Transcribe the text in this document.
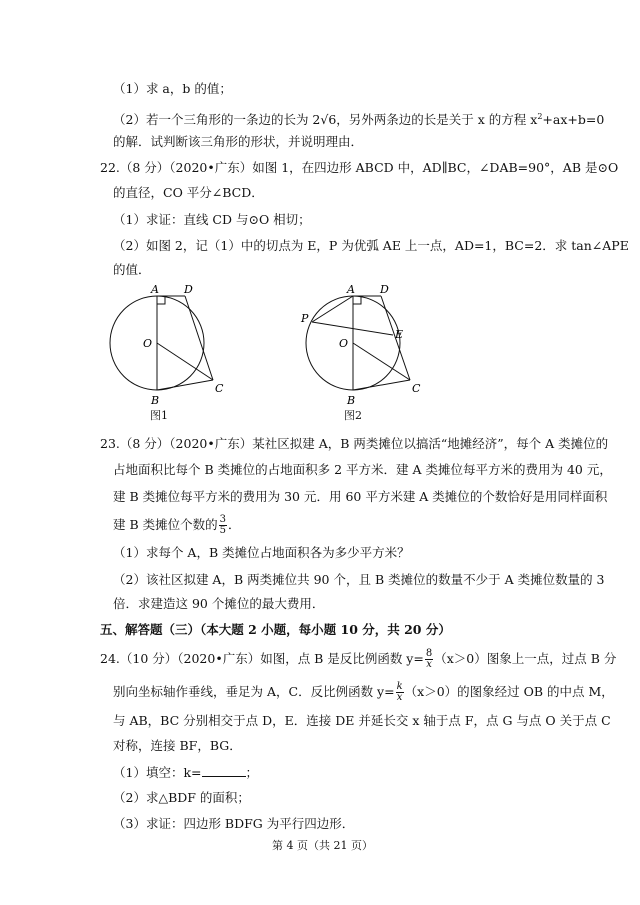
（1）求 a，b 的值；
（2）若一个三角形的一条边的长为 2√6，另外两条边的长是关于 x 的方程 $x^2+ax+b=0$
的解．试判断该三角形的形状，并说明理由．
22.（8 分）（2020•广东）如图 1，在四边形 ABCD 中，AD∥BC，∠DAB=90°，AB 是⊙O
的直径，CO 平分∠BCD．
（1）求证：直线 CD 与⊙O 相切；
（2）如图 2，记（1）中的切点为 E，P 为优弧 AE 上一点，AD=1，BC=2．求 tan∠APE
的值．
A D
O
B
C
图1
A D
P
E
O
B
C
图2
23.（8 分）（2020•广东）某社区拟建 A，B 两类摊位以搞活“地摊经济”，每个 A 类摊位的
占地面积比每个 B 类摊位的占地面积多 2 平方米．建 A 类摊位每平方米的费用为 40 元，
建 B 类摊位每平方米的费用为 30 元．用 60 平方米建 A 类摊位的个数恰好是用同样面积
建 B 类摊位个数的 $\frac{3}{5}$ ．
（1）求每个 A，B 类摊位占地面积各为多少平方米？
（2）该社区拟建 A，B 两类摊位共 90 个，且 B 类摊位的数量不少于 A 类摊位数量的 3
倍．求建造这 90 个摊位的最大费用．
五、解答题（三）（本大题 2 小题，每小题 10 分，共 20 分）
24.（10 分）（2020•广东）如图，点 B 是反比例函数 $y= \frac{8}{x} (x>0)$图象上一点，过点 B 分
别向坐标轴作垂线，垂足为 A，C．反比例函数 $y= \frac{k}{x} (x>0)$的图象经过 OB 的中点 M，
与 AB，BC 分别相交于点 D，E．连接 DE 并延长交 x 轴于点 F，点 G 与点 O 关于点 C
对称，连接 BF，BG．
（1）填空：k=	；
（2）求△BDF 的面积；
（3）求证：四边形 BDFG 为平行四边形．
第 4 页（共 21 页）
